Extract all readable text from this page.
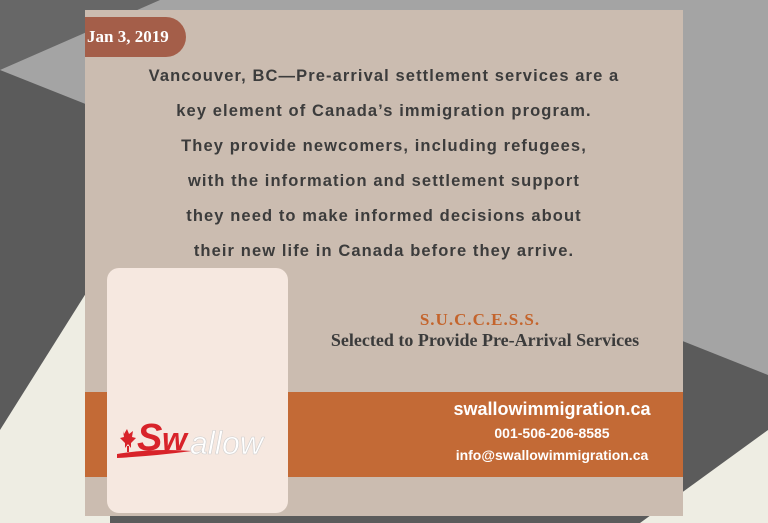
Jan 3, 2019

Vancouver, BC—Pre-arrival settlement services are a
key element of Canada’s immigration program.
They provide newcomers, including refugees,
with the information and settlement support
they need to make informed decisions about
their new life in Canada before they arrive.

S.U.C.C.E.S.S.

Selected to Provide Pre-Arrival Services

S w allow
swallowimmigration.ca
001-506-206-8585
info@swallowimmigration.ca
